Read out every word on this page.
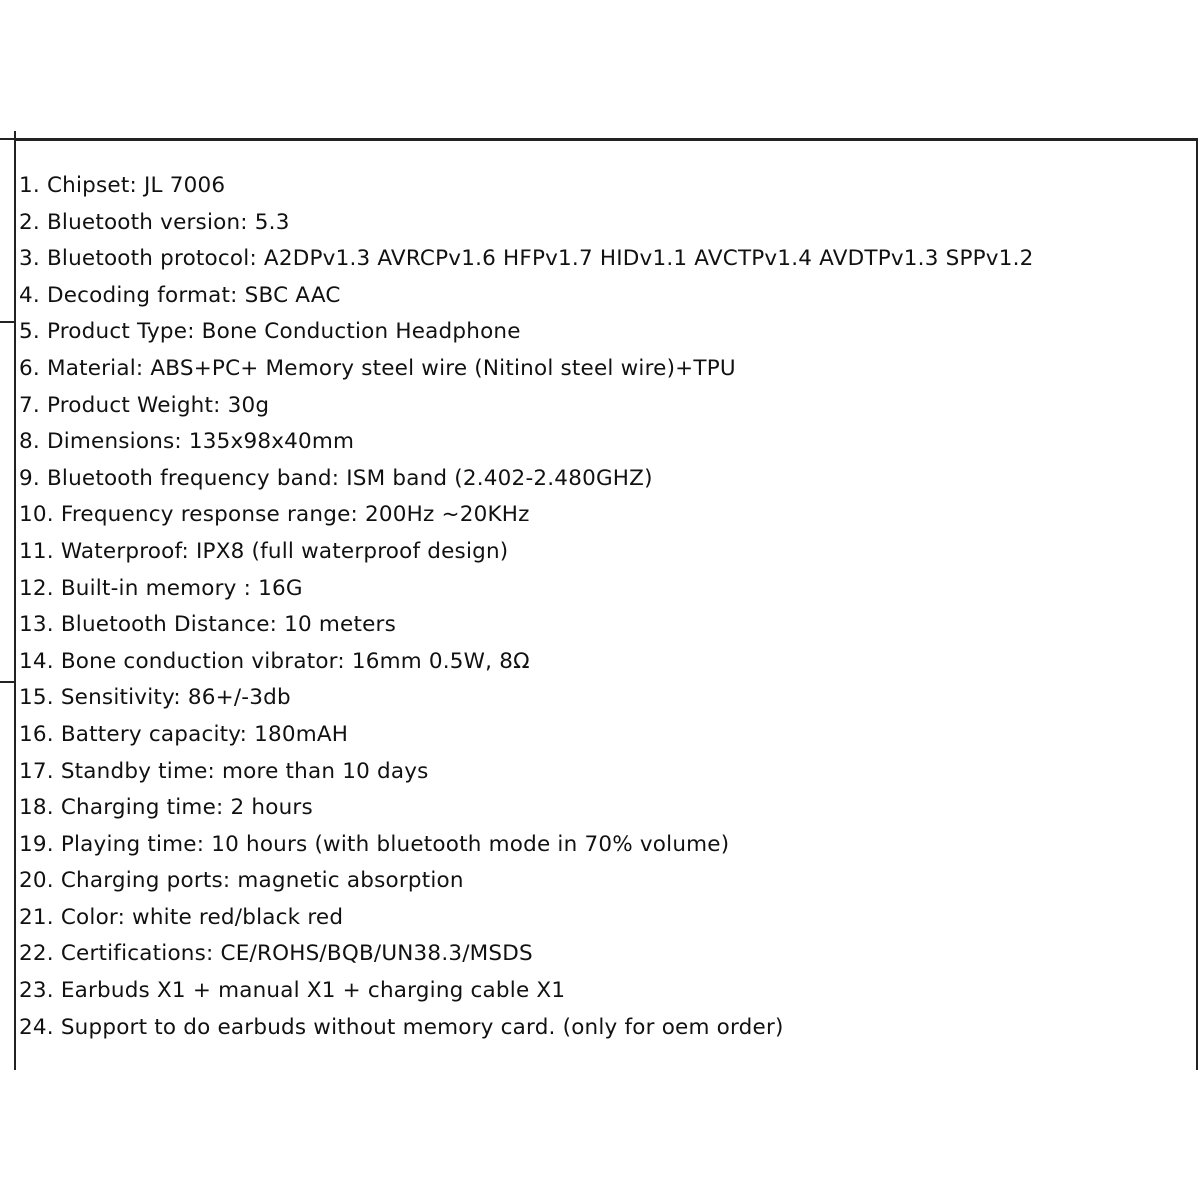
1. Chipset: JL 7006
2. Bluetooth version: 5.3
3. Bluetooth protocol: A2DPv1.3 AVRCPv1.6 HFPv1.7 HIDv1.1 AVCTPv1.4 AVDTPv1.3 SPPv1.2
4. Decoding format: SBC AAC
5. Product Type: Bone Conduction Headphone
6. Material: ABS+PC+ Memory steel wire (Nitinol steel wire)+TPU
7. Product Weight: 30g
8. Dimensions: 135x98x40mm
9. Bluetooth frequency band: ISM band (2.402-2.480GHZ)
10. Frequency response range: 200Hz ~20KHz
11. Waterproof: IPX8 (full waterproof design)
12. Built-in memory : 16G
13. Bluetooth Distance: 10 meters
14. Bone conduction vibrator: 16mm 0.5W, 8Ω
15. Sensitivity: 86+/-3db
16. Battery capacity: 180mAH
17. Standby time: more than 10 days
18. Charging time: 2 hours
19. Playing time: 10 hours (with bluetooth mode in 70% volume)
20. Charging ports: magnetic absorption
21. Color: white red/black red
22. Certifications: CE/ROHS/BQB/UN38.3/MSDS
23. Earbuds X1 + manual X1 + charging cable X1
24. Support to do earbuds without memory card. (only for oem order)
